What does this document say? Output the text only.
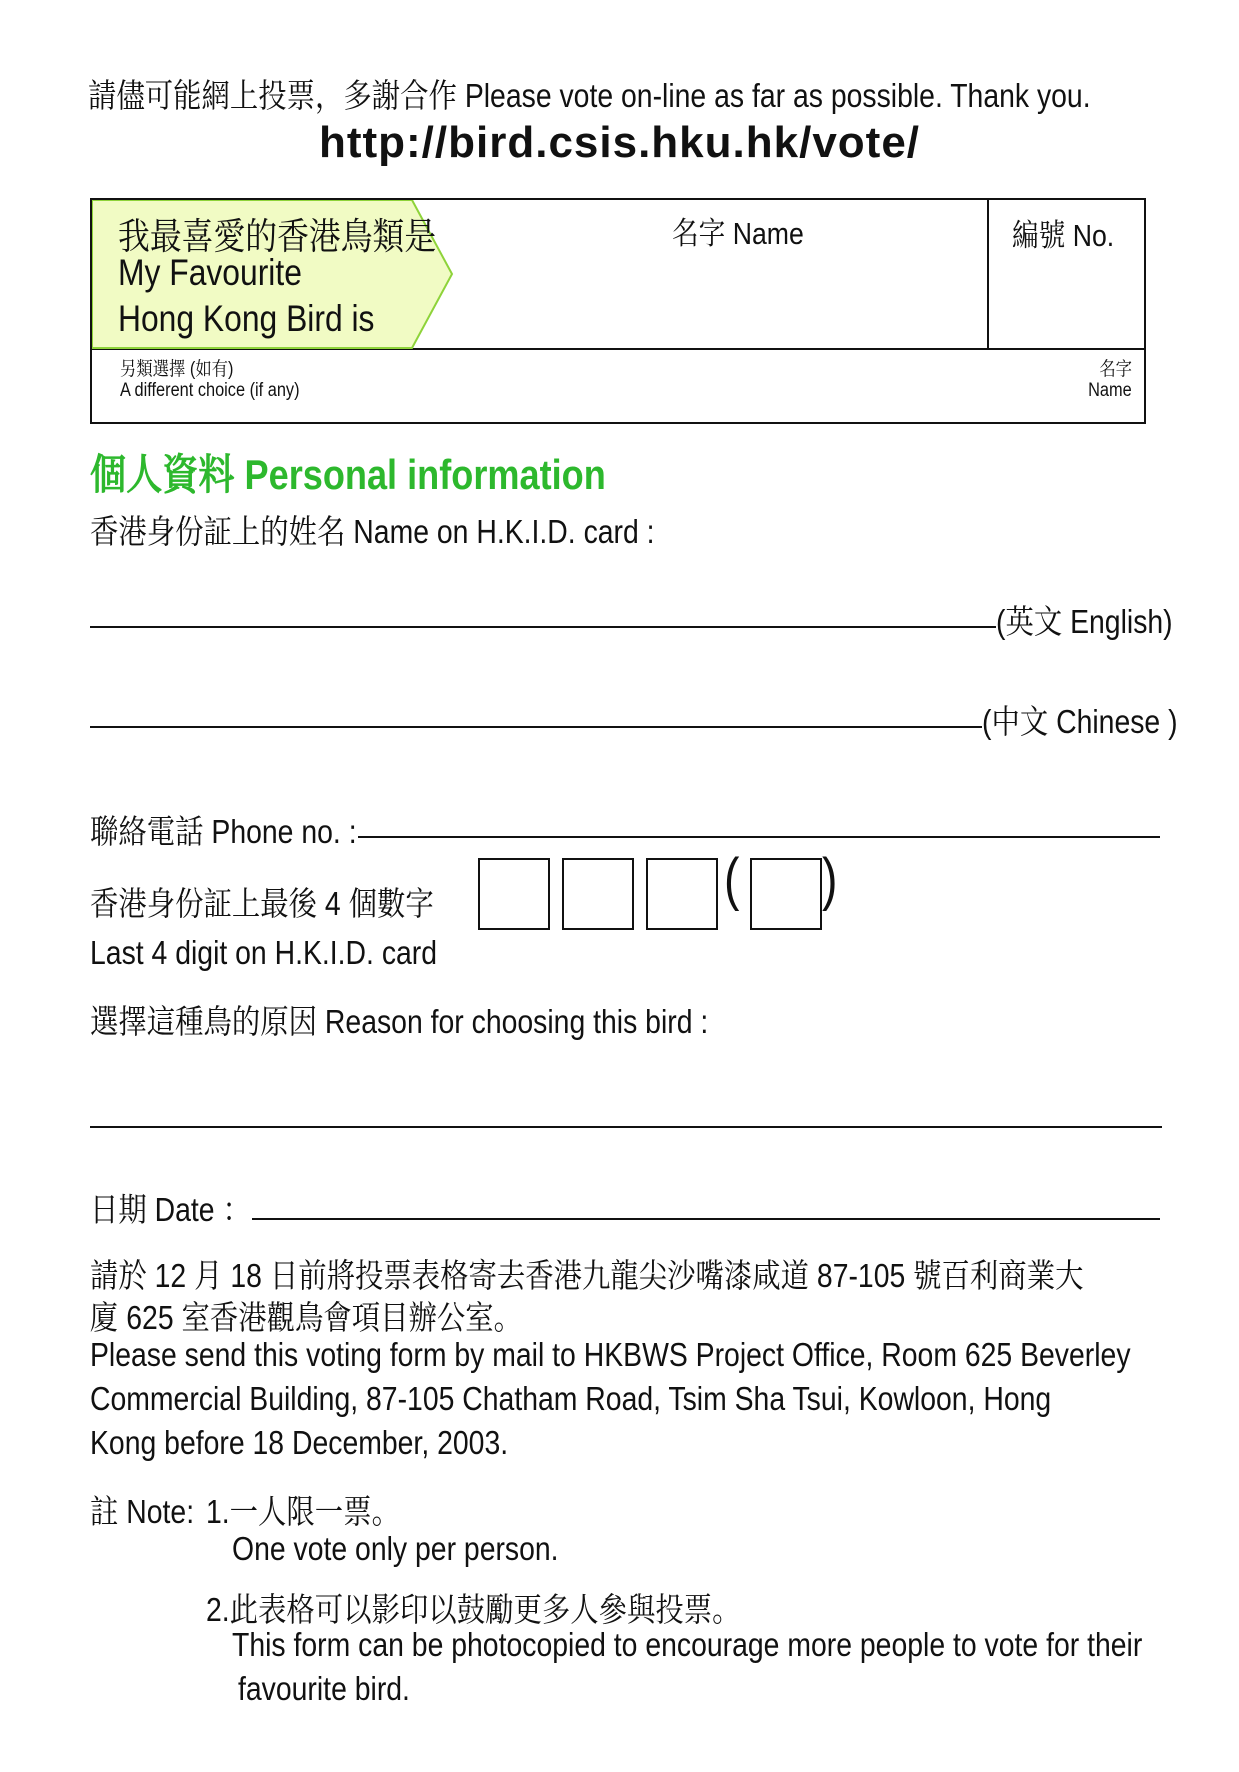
請儘可能網上投票，多謝合作 Please vote on-line as far as possible. Thank you.
http://bird.csis.hku.hk/vote/
我最喜愛的香港鳥類是
My Favourite
Hong Kong Bird is
名字 Name	編號 No.
另類選擇 (如有)
A different choice (if any)
名字
Name
個人資料 Personal information
香港身份証上的姓名 Name on H.K.I.D. card :
(英文 English)
(中文 Chinese )
聯絡電話 Phone no. :
香港身份証上最後 4 個數字
Last 4 digit on H.K.I.D. card
( )
選擇這種鳥的原因 Reason for choosing this bird :
日期 Date ：
請於 12 月 18 日前將投票表格寄去香港九龍尖沙嘴漆咸道 87-105 號百利商業大
廈 625 室香港觀鳥會項目辦公室。
Please send this voting form by mail to HKBWS Project Office, Room 625 Beverley
Commercial Building, 87-105 Chatham Road, Tsim Sha Tsui, Kowloon, Hong
Kong before 18 December, 2003.
註 Note: 1.一人限一票。
One vote only per person.
2.此表格可以影印以鼓勵更多人參與投票。
This form can be photocopied to encourage more people to vote for their
favourite bird.
